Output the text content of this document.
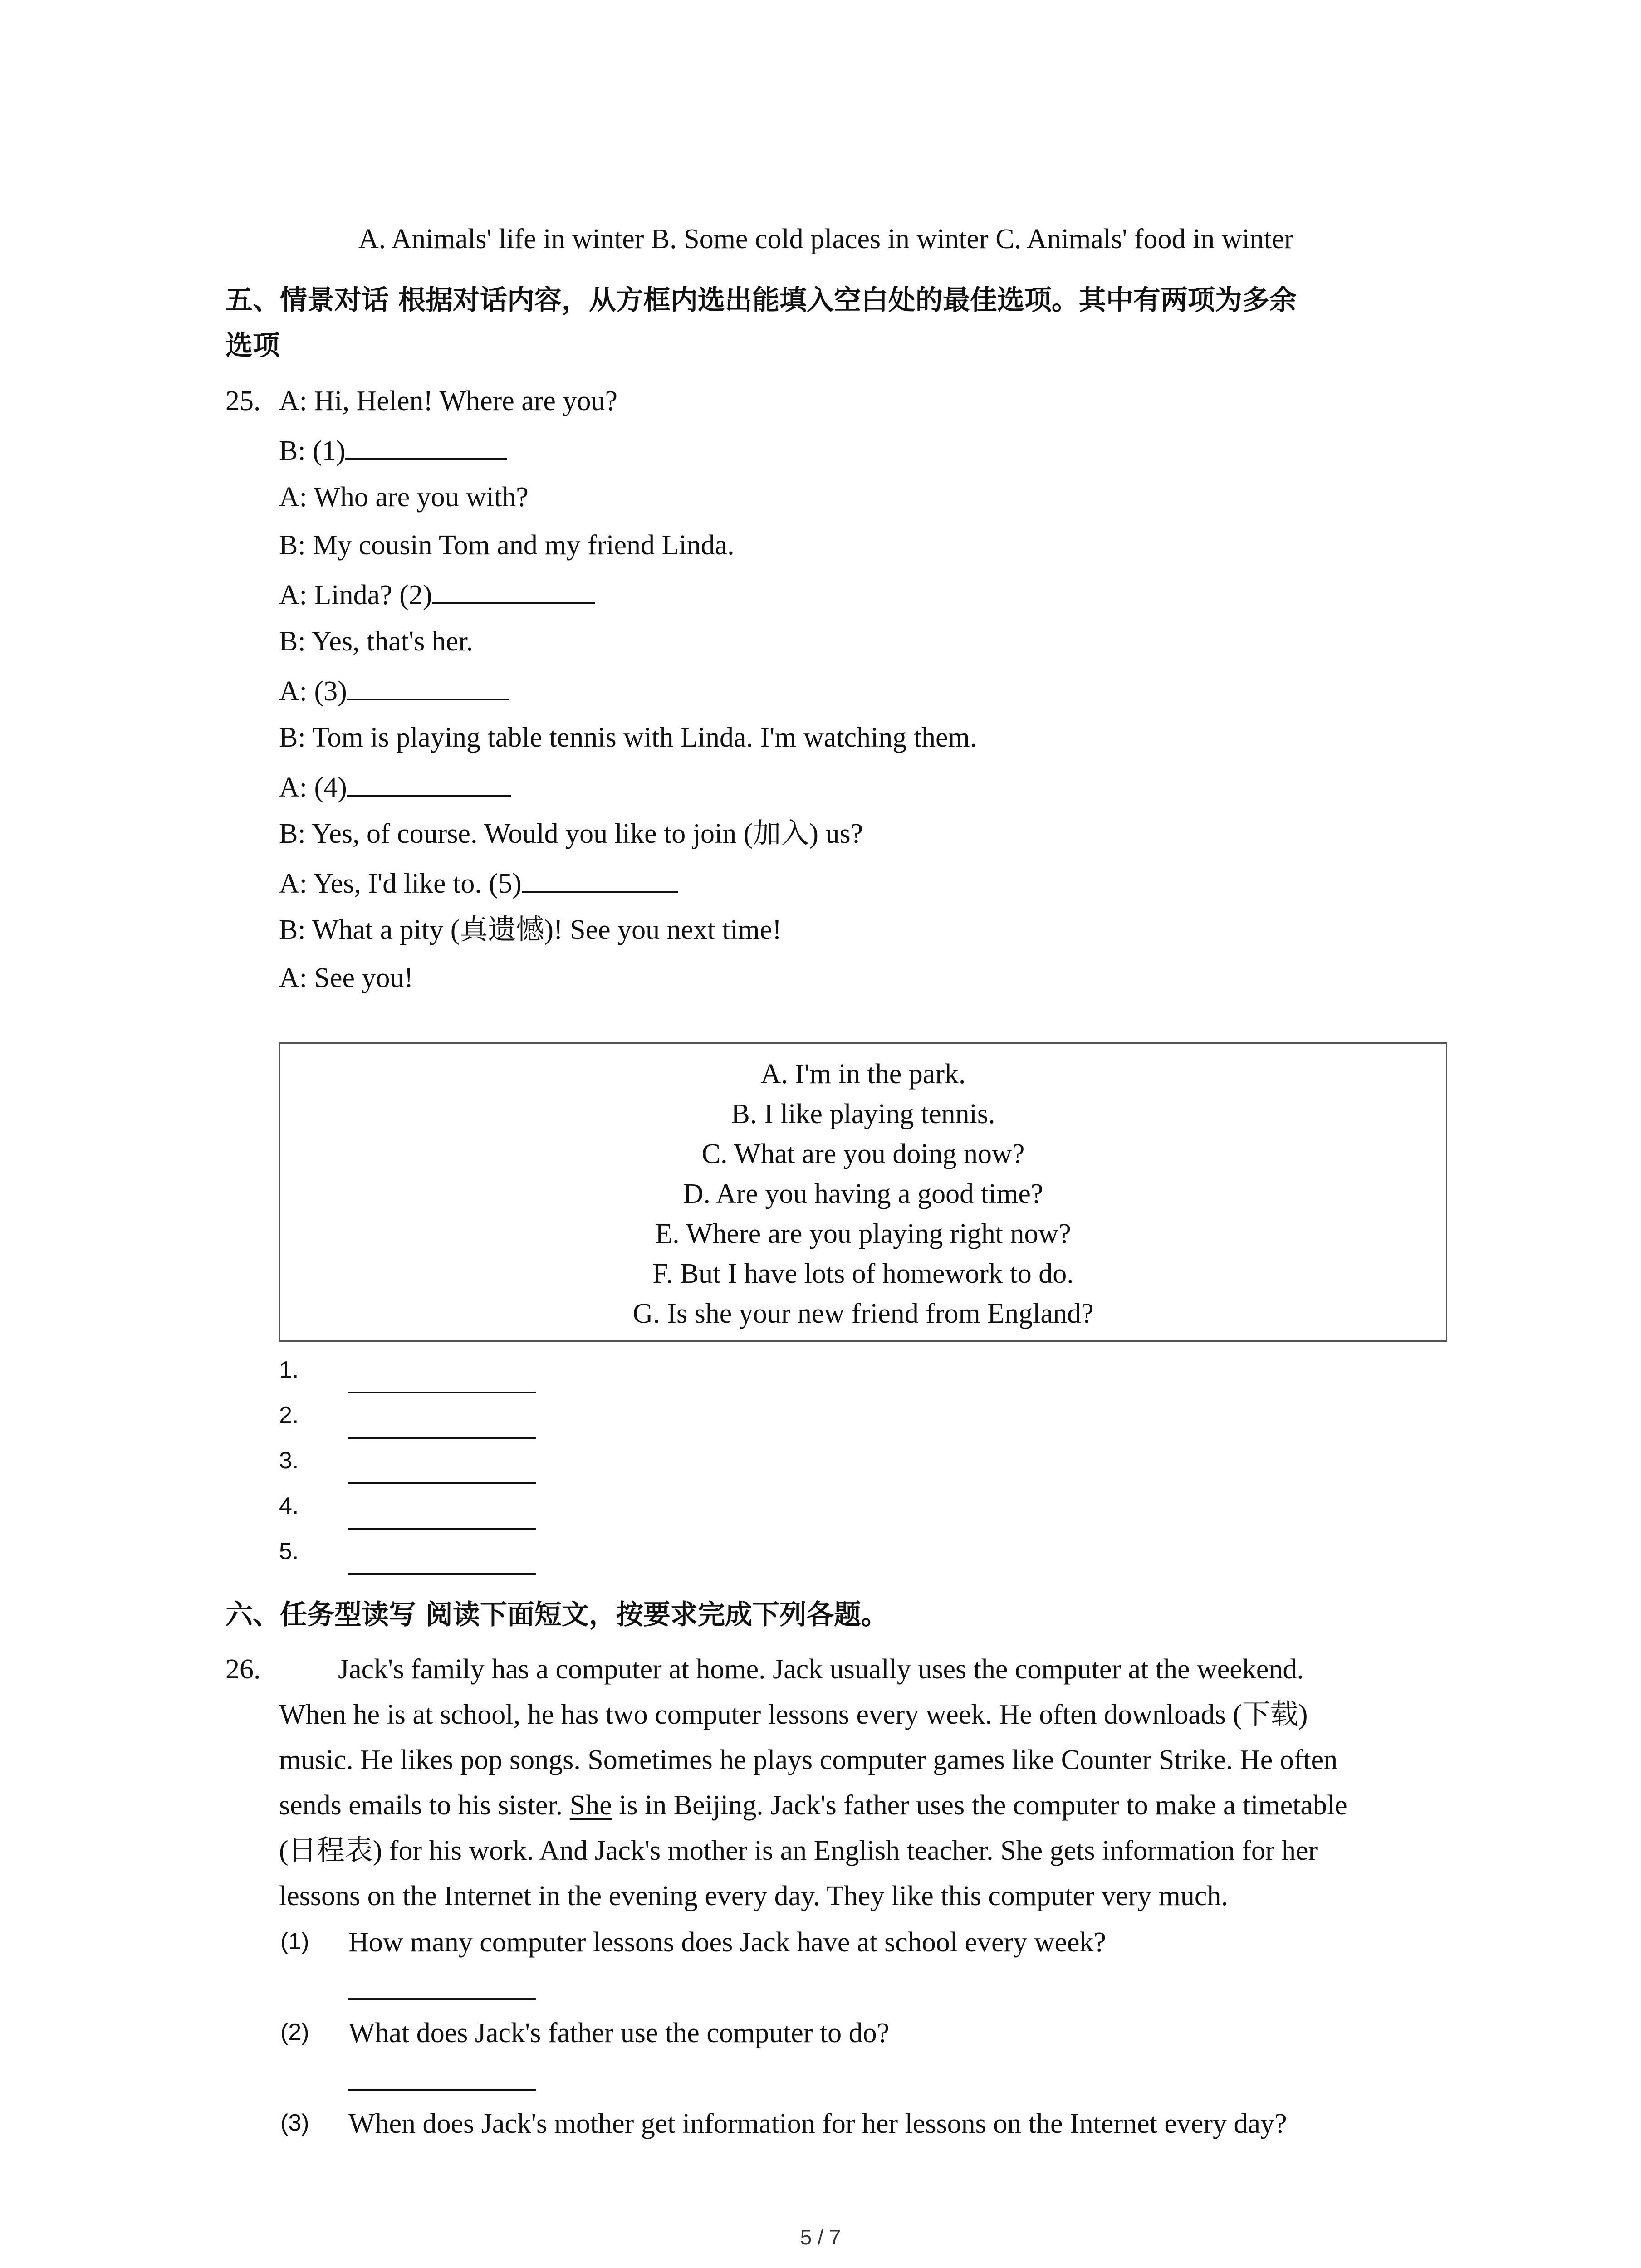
A. Animals' life in winter B. Some cold places in winter C. Animals' food in winter
五、情景对话 根据对话内容，从方框内选出能填入空白处的最佳选项。其中有两项为多余
选项
25. A: Hi, Helen! Where are you?
B: (1)
A: Who are you with?
B: My cousin Tom and my friend Linda.
A: Linda? (2)
B: Yes, that's her.
A: (3)
B: Tom is playing table tennis with Linda. I'm watching them.
A: (4)
B: Yes, of course. Would you like to join (加入) us?
A: Yes, I'd like to. (5)
B: What a pity (真遗憾)! See you next time!
A: See you!
A. I'm in the park.
B. I like playing tennis.
C. What are you doing now?
D. Are you having a good time?
E. Where are you playing right now?
F. But I have lots of homework to do.
G. Is she your new friend from England?
1.
2.
3.
4.
5.
六、任务型读写 阅读下面短文，按要求完成下列各题。
26.	Jack's family has a computer at home. Jack usually uses the computer at the weekend.
When he is at school, he has two computer lessons every week. He often downloads (下载)
music. He likes pop songs. Sometimes he plays computer games like Counter Strike. He often
sends emails to his sister. She is in Beijing. Jack's father uses the computer to make a timetable
(日程表) for his work. And Jack's mother is an English teacher. She gets information for her
lessons on the Internet in the evening every day. They like this computer very much.
(1) How many computer lessons does Jack have at school every week?
(2) What does Jack's father use the computer to do?
(3) When does Jack's mother get information for her lessons on the Internet every day?
5 / 7
